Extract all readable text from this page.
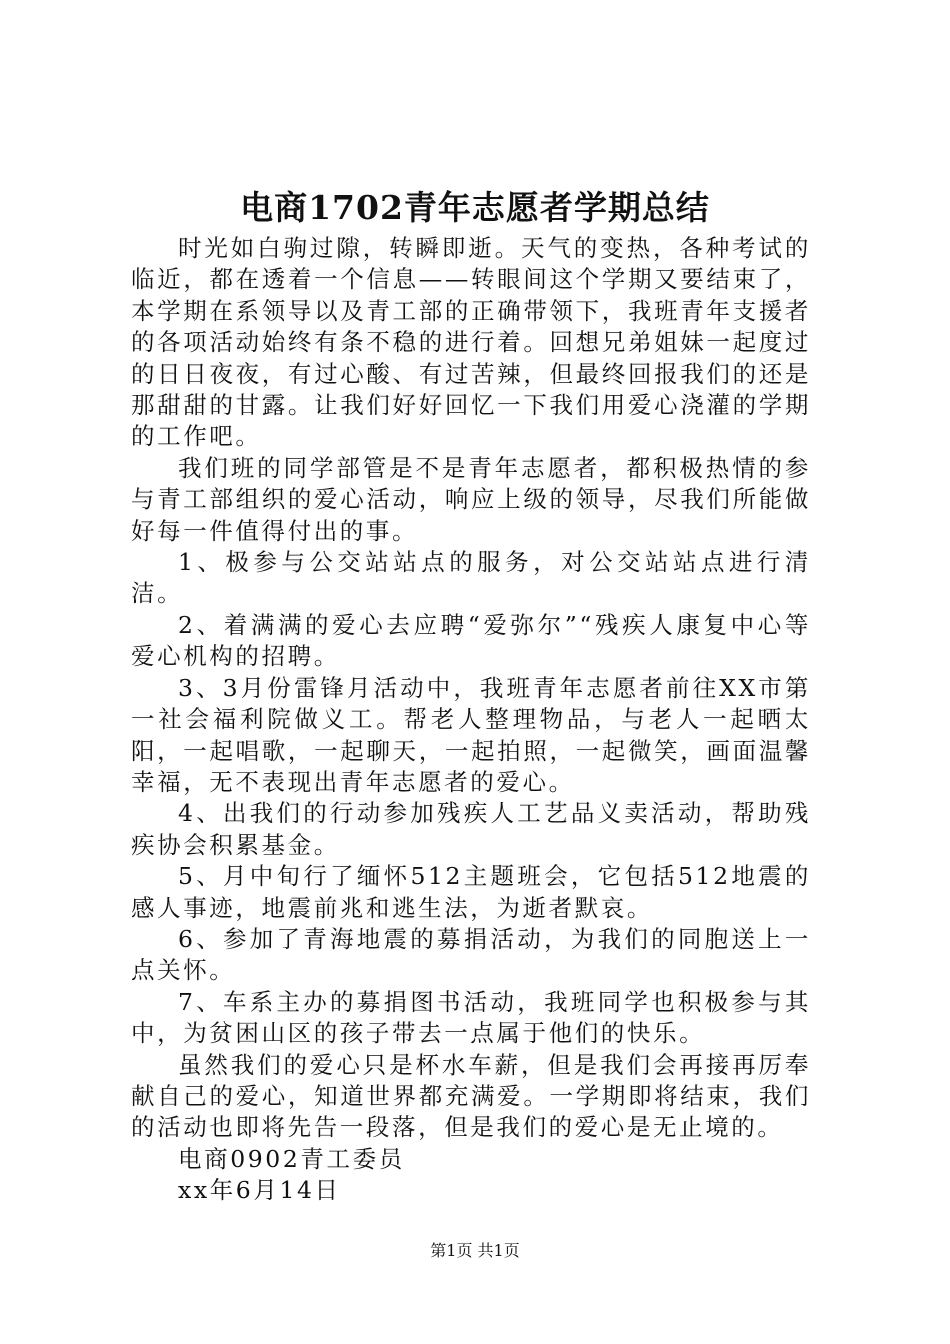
电商1702青年志愿者学期总结

时光如白驹过隙，转瞬即逝。天气的变热，各种考试的临近，都在透着一个信息——转眼间这个学期又要结束了，本学期在系领导以及青工部的正确带领下，我班青年支援者的各项活动始终有条不稳的进行着。回想兄弟姐妹一起度过的日日夜夜，有过心酸、有过苦辣，但最终回报我们的还是那甜甜的甘露。让我们好好回忆一下我们用爱心浇灌的学期的工作吧。

我们班的同学部管是不是青年志愿者，都积极热情的参与青工部组织的爱心活动，响应上级的领导，尽我们所能做好每一件值得付出的事。

1、极参与公交站站点的服务，对公交站站点进行清洁。

2、着满满的爱心去应聘“爱弥尔”“残疾人康复中心等爱心机构的招聘。

3、3月份雷锋月活动中，我班青年志愿者前往XX市第一社会福利院做义工。帮老人整理物品，与老人一起晒太阳，一起唱歌，一起聊天，一起拍照，一起微笑，画面温馨幸福，无不表现出青年志愿者的爱心。

4、出我们的行动参加残疾人工艺品义卖活动，帮助残疾协会积累基金。

5、月中旬行了缅怀512主题班会，它包括512地震的感人事迹，地震前兆和逃生法，为逝者默哀。

6、参加了青海地震的募捐活动，为我们的同胞送上一点关怀。

7、车系主办的募捐图书活动，我班同学也积极参与其中，为贫困山区的孩子带去一点属于他们的快乐。

虽然我们的爱心只是杯水车薪，但是我们会再接再厉奉献自己的爱心，知道世界都充满爱。一学期即将结束，我们的活动也即将先告一段落，但是我们的爱心是无止境的。

电商0902青工委员

xx年6月14日

第1页 共1页
